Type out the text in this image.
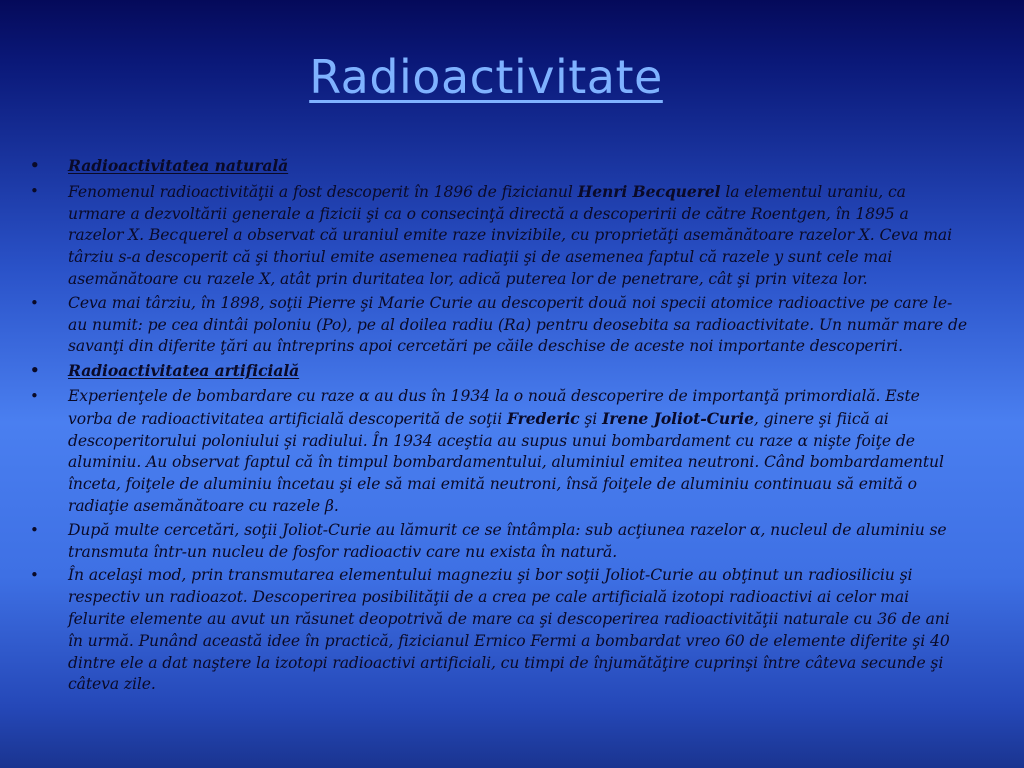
Radioactivitate
• Radioactivitatea naturală
• Fenomenul radioactivităţii a fost descoperit în 1896 de fizicianul Henri Becquerel la elementul uraniu, ca urmare a dezvoltării generale a fizicii şi ca o consecinţă directă a descoperirii de către Roentgen, în 1895 a razelor X. Becquerel a observat că uraniul emite raze invizibile, cu proprietăţi asemănătoare razelor X. Ceva mai târziu s-a descoperit că şi thoriul emite asemenea radiaţii şi de asemenea faptul că razele y sunt cele mai asemănătoare cu razele X, atât prin duritatea lor, adică puterea lor de penetrare, cât şi prin viteza lor.
• Ceva mai târziu, în 1898, soţii Pierre şi Marie Curie au descoperit două noi specii atomice radioactive pe care le-au numit: pe cea dintâi poloniu (Po), pe al doilea radiu (Ra) pentru deosebita sa radioactivitate. Un număr mare de savanţi din diferite ţări au întreprins apoi cercetări pe căile deschise de aceste noi importante descoperiri.
• Radioactivitatea artificială
• Experienţele de bombardare cu raze α au dus în 1934 la o nouă descoperire de importanţă primordială. Este vorba de radioactivitatea artificială descoperită de soţii Frederic şi Irene Joliot-Curie, ginere şi fiică ai descoperitorului poloniului şi radiului. În 1934 aceştia au supus unui bombardament cu raze α nişte foiţe de aluminiu. Au observat faptul că în timpul bombardamentului, aluminiul emitea neutroni. Când bombardamentul înceta, foiţele de aluminiu încetau şi ele să mai emită neutroni, însă foiţele de aluminiu continuau să emită o radiaţie asemănătoare cu razele β.
• După multe cercetări, soţii Joliot-Curie au lămurit ce se întâmpla: sub acţiunea razelor α, nucleul de aluminiu se transmuta într-un nucleu de fosfor radioactiv care nu exista în natură.
• În acelaşi mod, prin transmutarea elementului magneziu şi bor soţii Joliot-Curie au obţinut un radiosiliciu şi respectiv un radioazot. Descoperirea posibilităţii de a crea pe cale artificială izotopi radioactivi ai celor mai felurite elemente au avut un răsunet deopotrivă de mare ca şi descoperirea radioactivităţii naturale cu 36 de ani în urmă. Punând această idee în practică, fizicianul Ernico Fermi a bombardat vreo 60 de elemente diferite şi 40 dintre ele a dat naştere la izotopi radioactivi artificiali, cu timpi de înjumătăţire cuprinşi între câteva secunde şi câteva zile.
